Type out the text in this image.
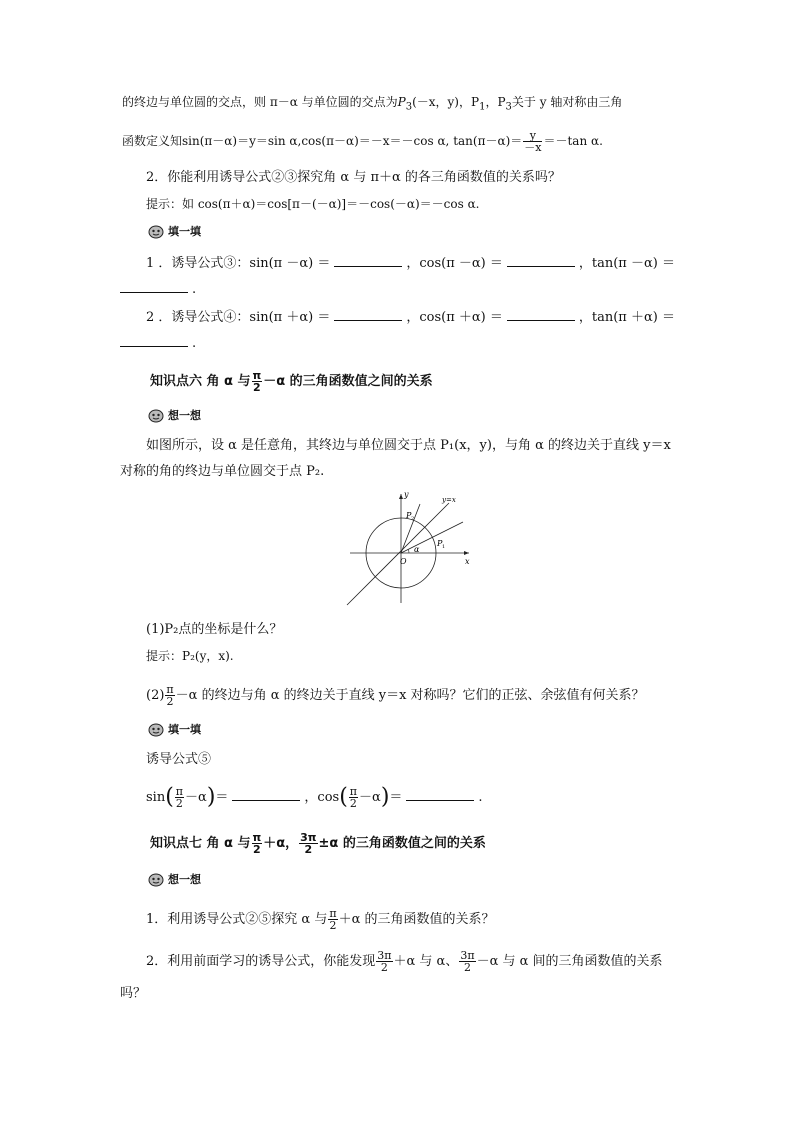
的终边与单位圆的交点，则 π－α 与单位圆的交点为$P_3(-x$，y)，$P_1$，$P_3$关于 y 轴对称由三角
函数定义知sin(π－α)＝y＝sin α,cos(π－α)＝－x＝－cos α, $\tan(\pi-\alpha)= \frac{y}{-x} =-\tan$ α.
2．你能利用诱导公式②③探究角 α 与 π＋α 的各三角函数值的关系吗？
提示：如 cos(π＋α)＝cos[π－(－α)]＝－cos(－α)＝－cos α.
填一填
1 ．诱导公式③：sin(π －α) ＝	，cos(π －α) ＝	，tan(π －α) ＝
.
2 ．诱导公式④：sin(π ＋α) ＝	，cos(π ＋α) ＝	，tan(π ＋α) ＝
.
知识点六 角 α 与 $\frac{\pi}{2} -\alpha$ 的三角函数值之间的关系
想一想
如图所示，设 α 是任意角，其终边与单位圆交于点 P₁(x，y)，与角 α 的终边关于直线 y＝x
对称的角的终边与单位圆交于点 P₂.
y
x
y=x
P 2
P 1
O
α
(1)P₂点的坐标是什么？
提示：P₂(y，x).
$(2) \frac{\pi}{2} -\alpha$ 的终边与角 α 的终边关于直线 y＝x 对称吗？它们的正弦、余弦值有何关系？
填一填
诱导公式⑤
$\sin( \frac{\pi}{2} -\alpha)=$	，$\cos( \frac{\pi}{2} -\alpha)=$	.
知识点七 角 α 与 $\frac{\pi}{2} +\alpha$， $\frac{3\pi}{2} \pm\alpha$ 的三角函数值之间的关系
想一想
1．利用诱导公式②⑤探究 α 与 $\frac{\pi}{2} +\alpha$ 的三角函数值的关系？
2．利用前面学习的诱导公式，你能发现 $\frac{3\pi}{2} +\alpha$ 与 α、 $\frac{3\pi}{2} -\alpha$ 与 α 间的三角函数值的关系
吗？
